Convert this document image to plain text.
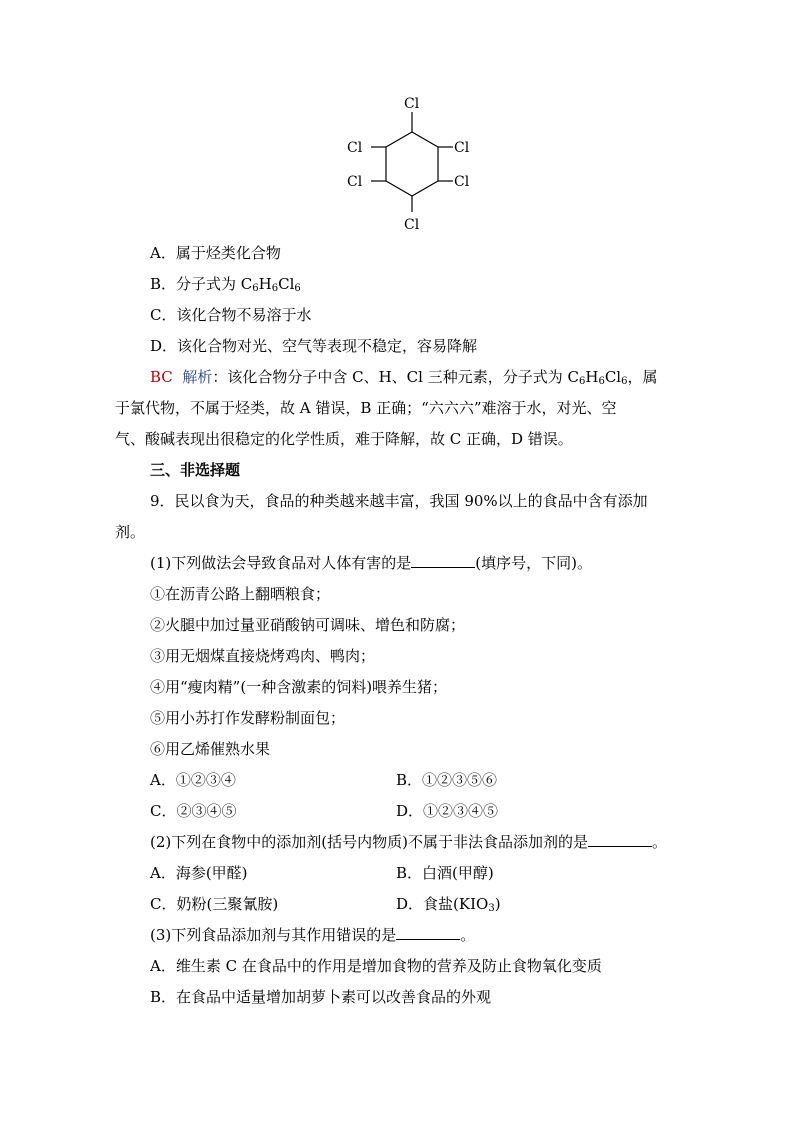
Cl
Cl
Cl
Cl
Cl
Cl
A．属于烃类化合物
B．分子式为 $C_6H_6Cl_6$
C．该化合物不易溶于水
D．该化合物对光、空气等表现不稳定，容易降解
BC 解析：该化合物分子中含 C、H、Cl 三种元素，分子式为 $C_6H_6Cl_6$，属
于氯代物，不属于烃类，故 A 错误，B 正确；“六六六”难溶于水，对光、空
气、酸碱表现出很稳定的化学性质，难于降解，故 C 正确，D 错误。
三、非选择题
9．民以食为天，食品的种类越来越丰富，我国 90%以上的食品中含有添加
剂。
(1)下列做法会导致食品对人体有害的是	(填序号，下同)。
①在沥青公路上翻晒粮食；
②火腿中加过量亚硝酸钠可调味、增色和防腐；
③用无烟煤直接烧烤鸡肉、鸭肉；
④用“瘦肉精”(一种含激素的饲料)喂养生猪；
⑤用小苏打作发酵粉制面包；
⑥用乙烯催熟水果
A．①②③④	B．①②③⑤⑥
C．②③④⑤	D．①②③④⑤
(2)下列在食物中的添加剂(括号内物质)不属于非法食品添加剂的是	。
A．海参(甲醛)	B．白酒(甲醇)
C．奶粉(三聚氰胺)	D．食盐$(KIO_3)$
(3)下列食品添加剂与其作用错误的是	。
A．维生素 C 在食品中的作用是增加食物的营养及防止食物氧化变质
B．在食品中适量增加胡萝卜素可以改善食品的外观
